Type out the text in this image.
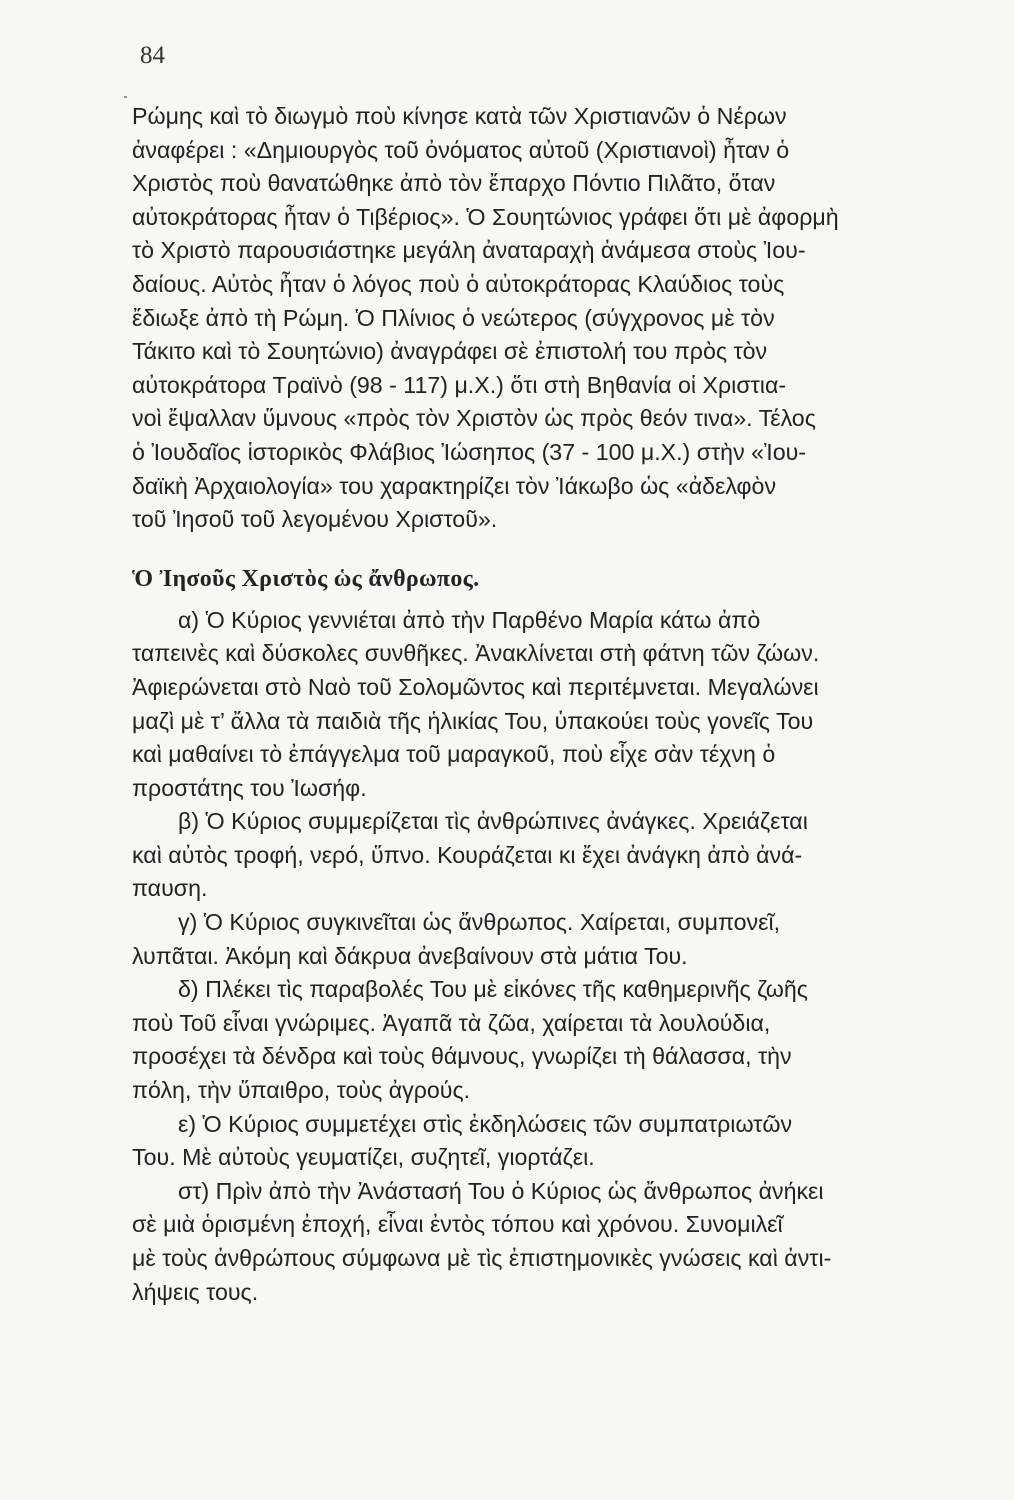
84
Ρώμης καὶ τὸ διωγμὸ ποὺ κίνησε κατὰ τῶν Χριστιανῶν ὁ Νέρων
ἀναφέρει : «Δημιουργὸς τοῦ ὀνόματος αὐτοῦ (Χριστιανοὶ) ἦταν ὁ
Χριστὸς ποὺ θανατώθηκε ἀπὸ τὸν ἔπαρχο Πόντιο Πιλᾶτο, ὅταν
αὐτοκράτορας ἦταν ὁ Τιβέριος». Ὁ Σουητώνιος γράφει ὅτι μὲ ἀφορμὴ
τὸ Χριστὸ παρουσιάστηκε μεγάλη ἀναταραχὴ ἀνάμεσα στοὺς Ἰου-
δαίους. Αὐτὸς ἦταν ὁ λόγος ποὺ ὁ αὐτοκράτορας Κλαύδιος τοὺς
ἔδιωξε ἀπὸ τὴ Ρώμη. Ὁ Πλίνιος ὁ νεώτερος (σύγχρονος μὲ τὸν
Τάκιτο καὶ τὸ Σουητώνιο) ἀναγράφει σὲ ἐπιστολή του πρὸς τὸν
αὐτοκράτορα Τραϊνὸ (98 - 117) μ.Χ.) ὅτι στὴ Βηθανία οἱ Χριστια-
νοὶ ἔψαλλαν ὕμνους «πρὸς τὸν Χριστὸν ὡς πρὸς θεόν τινα». Τέλος
ὁ Ἰουδαῖος ἱστορικὸς Φλάβιος Ἰώσηπος (37 - 100 μ.Χ.) στὴν «Ἰου-
δαϊκὴ Ἀρχαιολογία» του χαρακτηρίζει τὸν Ἰάκωβο ὡς «ἀδελφὸν
τοῦ Ἰησοῦ τοῦ λεγομένου Χριστοῦ».
Ὁ Ἰησοῦς Χριστὸς ὡς ἄνθρωπος.
α) Ὁ Κύριος γεννιέται ἀπὸ τὴν Παρθένο Μαρία κάτω ἀπὸ
ταπεινὲς καὶ δύσκολες συνθῆκες. Ἀνακλίνεται στὴ φάτνη τῶν ζώων.
Ἀφιερώνεται στὸ Ναὸ τοῦ Σολομῶντος καὶ περιτέμνεται. Μεγαλώνει
μαζὶ μὲ τ’ ἄλλα τὰ παιδιὰ τῆς ἡλικίας Του, ὑπακούει τοὺς γονεῖς Του
καὶ μαθαίνει τὸ ἐπάγγελμα τοῦ μαραγκοῦ, ποὺ εἶχε σὰν τέχνη ὁ
προστάτης του Ἰωσήφ.
β) Ὁ Κύριος συμμερίζεται τὶς ἀνθρώπινες ἀνάγκες. Χρειάζεται
καὶ αὐτὸς τροφή, νερό, ὕπνο. Κουράζεται κι ἔχει ἀνάγκη ἀπὸ ἀνά-
παυση.
γ) Ὁ Κύριος συγκινεῖται ὡς ἄνθρωπος. Χαίρεται, συμπονεῖ,
λυπᾶται. Ἀκόμη καὶ δάκρυα ἀνεβαίνουν στὰ μάτια Του.
δ) Πλέκει τὶς παραβολές Του μὲ εἰκόνες τῆς καθημερινῆς ζωῆς
ποὺ Τοῦ εἶναι γνώριμες. Ἀγαπᾶ τὰ ζῶα, χαίρεται τὰ λουλούδια,
προσέχει τὰ δένδρα καὶ τοὺς θάμνους, γνωρίζει τὴ θάλασσα, τὴν
πόλη, τὴν ὕπαιθρο, τοὺς ἀγρούς.
ε) Ὁ Κύριος συμμετέχει στὶς ἐκδηλώσεις τῶν συμπατριωτῶν
Του. Μὲ αὐτοὺς γευματίζει, συζητεῖ, γιορτάζει.
στ) Πρὶν ἀπὸ τὴν Ἀνάστασή Του ὁ Κύριος ὡς ἄνθρωπος ἀνήκει
σὲ μιὰ ὁρισμένη ἐποχή, εἶναι ἐντὸς τόπου καὶ χρόνου. Συνομιλεῖ
μὲ τοὺς ἀνθρώπους σύμφωνα μὲ τὶς ἐπιστημονικὲς γνώσεις καὶ ἀντι-
λήψεις τους.
